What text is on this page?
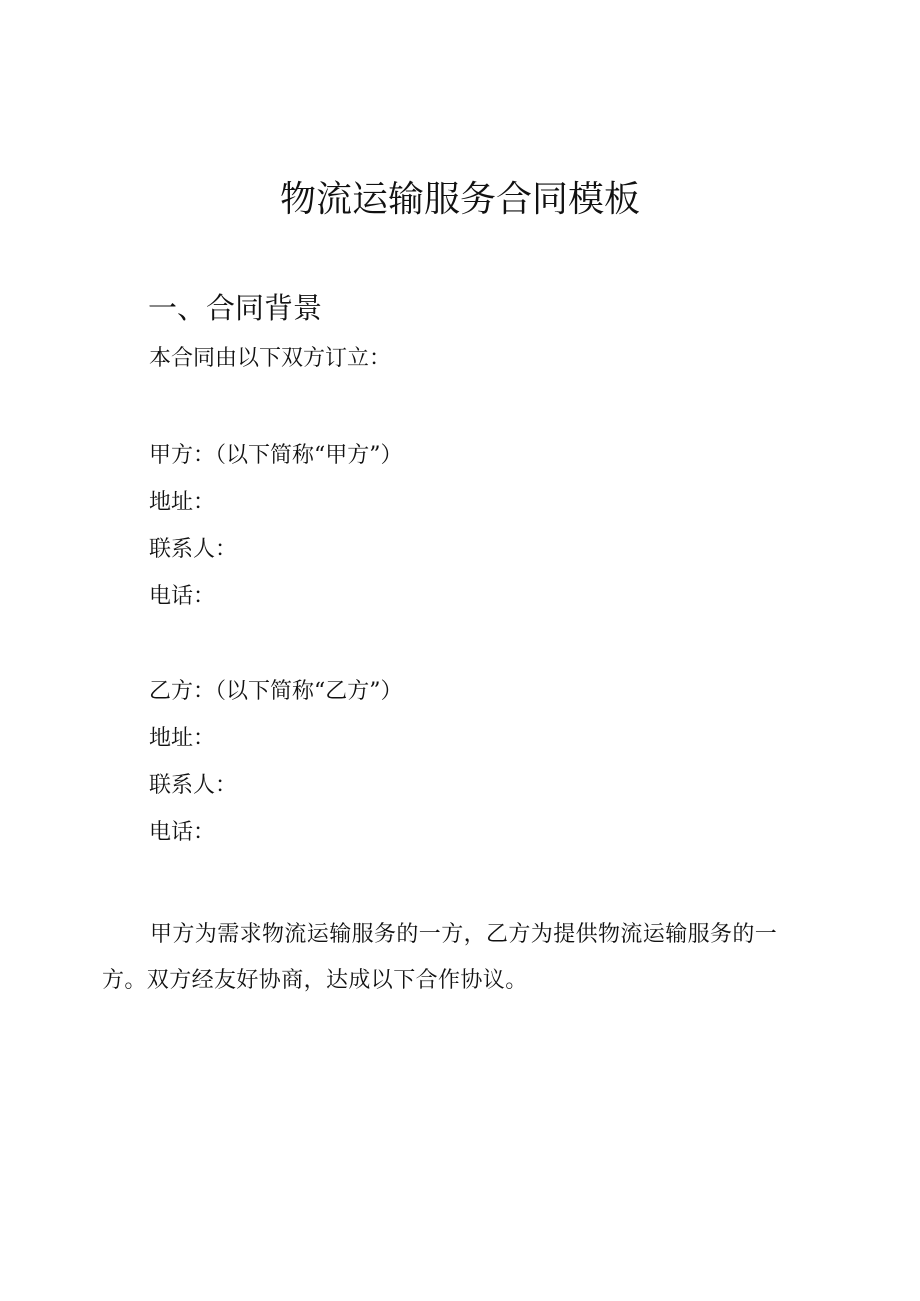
物流运输服务合同模板
一、合同背景

本合同由以下双方订立：

甲方：（以下简称“甲方”）

地址：

联系人：

电话：

乙方：（以下简称“乙方”）

地址：

联系人：

电话：

甲方为需求物流运输服务的一方，乙方为提供物流运输服务的一方。双方经友好协商，达成以下合作协议。
